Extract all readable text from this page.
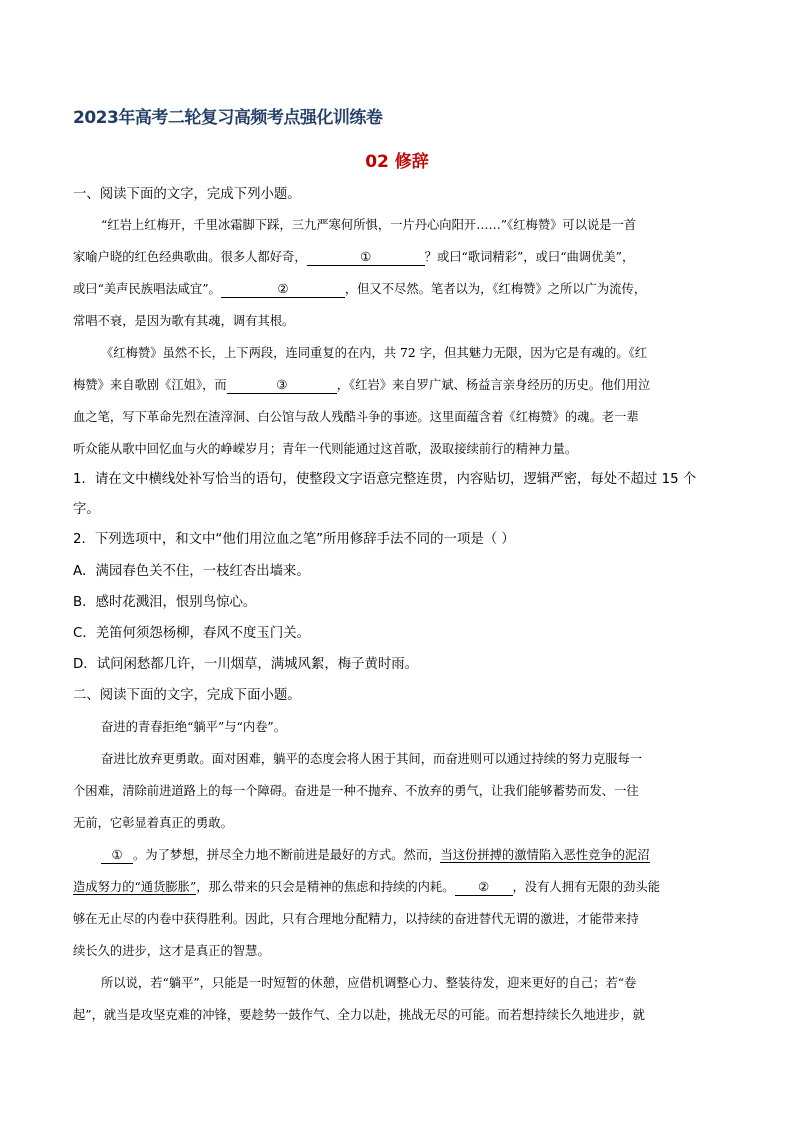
2023年高考二轮复习高频考点强化训练卷
02 修辞
一、阅读下面的文字，完成下列小题。
“红岩上红梅开，千里冰霜脚下踩，三九严寒何所惧，一片丹心向阳开……”《红梅赞》可以说是一首
家喻户晓的红色经典歌曲。很多人都好奇，	①	？或曰“歌词精彩”，或曰“曲调优美”，
或曰“美声民族唱法咸宜”。	②	，但又不尽然。笔者以为，《红梅赞》之所以广为流传，
常唱不衰，是因为歌有其魂，调有其根。
《红梅赞》虽然不长，上下两段，连同重复的在内，共 72 字，但其魅力无限，因为它是有魂的。《红
梅赞》来自歌剧《江姐》，而	③	，《红岩》来自罗广斌、杨益言亲身经历的历史。他们用泣
血之笔，写下革命先烈在渣滓洞、白公馆与敌人残酷斗争的事迹。这里面蕴含着《红梅赞》的魂。老一辈
听众能从歌中回忆血与火的峥嵘岁月；青年一代则能通过这首歌，汲取接续前行的精神力量。
1．请在文中横线处补写恰当的语句，使整段文字语意完整连贯，内容贴切，逻辑严密，每处不超过 15 个
字。
2．下列选项中，和文中“他们用泣血之笔”所用修辞手法不同的一项是（ ）
A．满园春色关不住，一枝红杏出墙来。
B．感时花溅泪，恨别鸟惊心。
C．羌笛何须怨杨柳，春风不度玉门关。
D．试问闲愁都几许，一川烟草，满城风絮，梅子黄时雨。
二、阅读下面的文字，完成下面小题。
奋进的青春拒绝“躺平”与“内卷”。
奋进比放弃更勇敢。面对困难，躺平的态度会将人困于其间，而奋进则可以通过持续的努力克服每一
个困难，清除前进道路上的每一个障碍。奋进是一种不抛弃、不放弃的勇气，让我们能够蓄势而发、一往
无前，它彰显着真正的勇敢。
① 。为了梦想，拼尽全力地不断前进是最好的方式。然而，当这份拼搏的激情陷入恶性竞争的泥沼
造成努力的“通货膨胀”，那么带来的只会是精神的焦虑和持续的内耗。 ② ，没有人拥有无限的劲头能
够在无止尽的内卷中获得胜利。因此，只有合理地分配精力，以持续的奋进替代无谓的激进，才能带来持
续长久的进步，这才是真正的智慧。
所以说，若“躺平”，只能是一时短暂的休憩，应借机调整心力、整装待发，迎来更好的自己；若“卷
起”，就当是攻坚克难的冲锋，要趁势一鼓作气、全力以赴，挑战无尽的可能。而若想持续长久地进步，就
